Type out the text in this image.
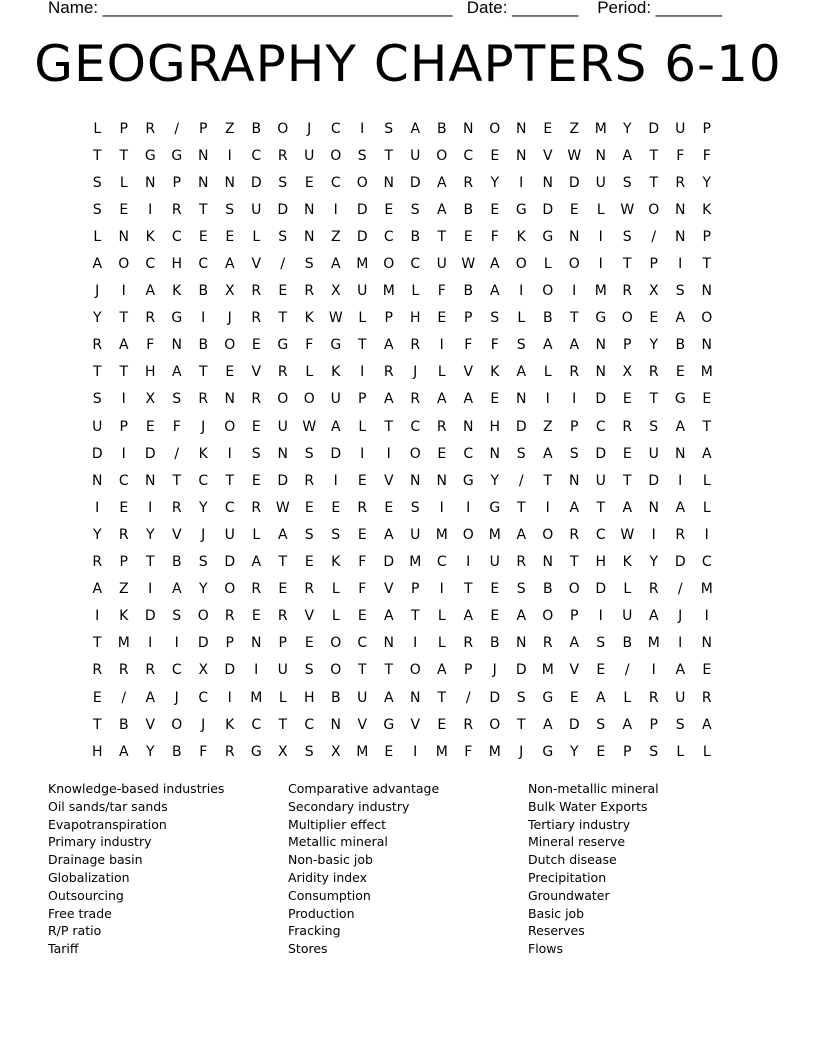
Name: _____________________________________   Date: _______    Period: _______
GEOGRAPHY CHAPTERS 6-10
L	P	R	/	P	Z	B	O	J	C	I	S	A	B	N	O	N	E	Z	M	Y	D	U	P
T	T	G	G	N	I	C	R	U	O	S	T	U	O	C	E	N	V	W	N	A	T	F	F
S	L	N	P	N	N	D	S	E	C	O	N	D	A	R	Y	I	N	D	U	S	T	R	Y
S	E	I	R	T	S	U	D	N	I	D	E	S	A	B	E	G	D	E	L	W	O	N	K
L	N	K	C	E	E	L	S	N	Z	D	C	B	T	E	F	K	G	N	I	S	/	N	P
A	O	C	H	C	A	V	/	S	A	M	O	C	U	W	A	O	L	O	I	T	P	I	T
J	I	A	K	B	X	R	E	R	X	U	M	L	F	B	A	I	O	I	M	R	X	S	N
Y	T	R	G	I	J	R	T	K	W	L	P	H	E	P	S	L	B	T	G	O	E	A	O
R	A	F	N	B	O	E	G	F	G	T	A	R	I	F	F	S	A	A	N	P	Y	B	N
T	T	H	A	T	E	V	R	L	K	I	R	J	L	V	K	A	L	R	N	X	R	E	M
S	I	X	S	R	N	R	O	O	U	P	A	R	A	A	E	N	I	I	D	E	T	G	E
U	P	E	F	J	O	E	U	W	A	L	T	C	R	N	H	D	Z	P	C	R	S	A	T
D	I	D	/	K	I	S	N	S	D	I	I	O	E	C	N	S	A	S	D	E	U	N	A
N	C	N	T	C	T	E	D	R	I	E	V	N	N	G	Y	/	T	N	U	T	D	I	L
I	E	I	R	Y	C	R	W	E	E	R	E	S	I	I	G	T	I	A	T	A	N	A	L
Y	R	Y	V	J	U	L	A	S	S	E	A	U	M	O	M	A	O	R	C	W	I	R	I
R	P	T	B	S	D	A	T	E	K	F	D	M	C	I	U	R	N	T	H	K	Y	D	C
A	Z	I	A	Y	O	R	E	R	L	F	V	P	I	T	E	S	B	O	D	L	R	/	M
I	K	D	S	O	R	E	R	V	L	E	A	T	L	A	E	A	O	P	I	U	A	J	I
T	M	I	I	D	P	N	P	E	O	C	N	I	L	R	B	N	R	A	S	B	M	I	N
R	R	R	C	X	D	I	U	S	O	T	T	O	A	P	J	D	M	V	E	/	I	A	E
E	/	A	J	C	I	M	L	H	B	U	A	N	T	/	D	S	G	E	A	L	R	U	R
T	B	V	O	J	K	C	T	C	N	V	G	V	E	R	O	T	A	D	S	A	P	S	A
H	A	Y	B	F	R	G	X	S	X	M	E	I	M	F	M	J	G	Y	E	P	S	L	L
Knowledge-based industries
Oil sands/tar sands
Evapotranspiration
Primary industry
Drainage basin
Globalization
Outsourcing
Free trade
R/P ratio
Tariff
Comparative advantage
Secondary industry
Multiplier effect
Metallic mineral
Non-basic job
Aridity index
Consumption
Production
Fracking
Stores
Non-metallic mineral
Bulk Water Exports
Tertiary industry
Mineral reserve
Dutch disease
Precipitation
Groundwater
Basic job
Reserves
Flows
